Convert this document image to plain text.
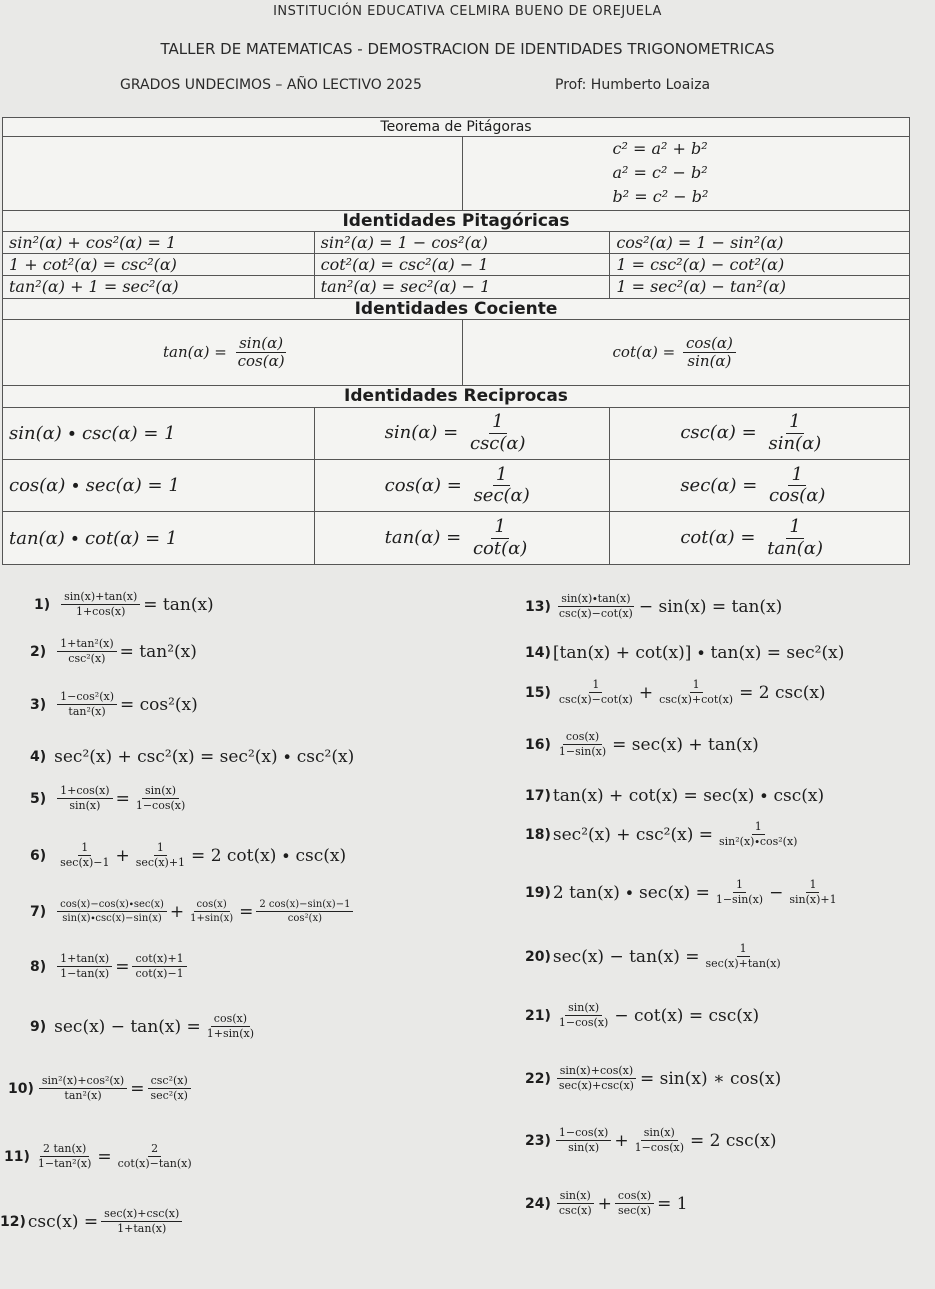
INSTITUCIÓN EDUCATIVA CELMIRA BUENO DE OREJUELA
TALLER DE MATEMATICAS - DEMOSTRACION DE IDENTIDADES TRIGONOMETRICAS
GRADOS UNDECIMOS – AÑO LECTIVO 2025	Prof: Humberto Loaiza
Teorema de Pitágoras			

		c² = a² + b²
a² = c² − b²
b² = c² − b²	

Identidades Pitagóricas			
sin²(α) + cos²(α) = 1	sin²(α) = 1 − cos²(α)		cos²(α) = 1 − sin²(α)
1 + cot²(α) = csc²(α)	cot²(α) = csc²(α) − 1		1 = csc²(α) − cot²(α)
tan²(α) + 1 = sec²(α)	tan²(α) = sec²(α) − 1		1 = sec²(α) − tan²(α)
Identidades Cociente			
$\tan(\alpha) = \frac{\sin(\alpha)}{\cos(\alpha)}$		$\cot(\alpha) = \frac{\cos(\alpha)}{\sin(\alpha)}$

Identidades Reciprocas			
sin(α) ∙ csc(α) = 1	$\sin(\alpha) = \frac{1}{\csc(\alpha)}$		$\csc(\alpha) = \frac{1}{\sin(\alpha)}$

cos(α) ∙ sec(α) = 1	$\cos(\alpha) = \frac{1}{\sec(\alpha)}$		$\sec(\alpha) = \frac{1}{\cos(\alpha)}$

tan(α) ∙ cot(α) = 1	$\tan(\alpha) = \frac{1}{\cot(\alpha)}$		$\cot(\alpha) = \frac{1}{\tan(\alpha)}$
$1) \frac{\sin(x)+\tan(x)}{1+\cos(x)} = \tan(x)$
$2) \frac{\text{1+tan²(x)}}{\text{csc²(x)}} = \tan^2(x)$
$3) \frac{\text{1−cos²(x)}}{\text{tan²(x)}} = \cos^2(x)$
4) sec²(x) + csc²(x) = sec²(x) ∙ csc²(x)
$5) \frac{1+\cos(x)}{\sin(x)} = \frac{\sin(x)}{1-\cos(x)}$
$6) \frac{1}{\sec(x)-1} + \frac{1}{\sec(x)+1} = 2$ cot(x) ∙ csc(x)
$7) \frac{\cos(x)-\cos(x)\cdot\sec(x)}{\sin(x)\cdot\csc(x)-\sin(x)} + \frac{\cos(x)}{1+\sin(x)} = \frac{2 \cos(x)-\sin(x)-1}{\text{cos²(x)}}$
$8) \frac{1+\tan(x)}{1-\tan(x)} = \frac{\cot(x)+1}{\cot(x)-1}$
9) $\sec(x) - \tan(x) = \frac{\cos(x)}{1+\sin(x)}$
$10) \frac{\text{sin²(x)+cos²(x)}}{\text{tan²(x)}} = \frac{\text{csc²(x)}}{\text{sec²(x)}}$
$11) \frac{2 \tan(x)}{\text{1−tan²(x)}} = \frac{2}{\cot(x)-\tan(x)}$
12) $\csc(x) = \frac{\sec(x)+\csc(x)}{1+\tan(x)}$
$13) \frac{\sin(x)\cdot\tan(x)}{\csc(x)-\cot(x)} - \sin(x) = \tan(x)$
14) [tan(x) + cot(x)] ∙ tan(x) = sec²(x)
$15) \frac{1}{\csc(x)-\cot(x)} + \frac{1}{\csc(x)+\cot(x)} = 2$ csc(x)
$16) \frac{\cos(x)}{1-\sin(x)} = \sec(x) + \tan(x)$
17) tan(x) + cot(x) = sec(x) ∙ csc(x)
18) $\sec^2(x) + \csc^2(x) = \frac{1}{\text{sin²(x)∙cos²(x)}}$
19) 2 $\tan(x) \cdot \sec(x) = \frac{1}{1-\sin(x)} - \frac{1}{\sin(x)+1}$
20) $\sec(x) - \tan(x) = \frac{1}{\sec(x)+\tan(x)}$
$21) \frac{\sin(x)}{1-\cos(x)} - \cot(x) = \csc(x)$
$22) \frac{\sin(x)+\cos(x)}{\sec(x)+\csc(x)} = \sin(x)$ ∗ cos(x)
$23) \frac{1-\cos(x)}{\sin(x)} + \frac{\sin(x)}{1-\cos(x)} = 2$ csc(x)
$24) \frac{\sin(x)}{\csc(x)} + \frac{\cos(x)}{\sec(x)} = 1$
